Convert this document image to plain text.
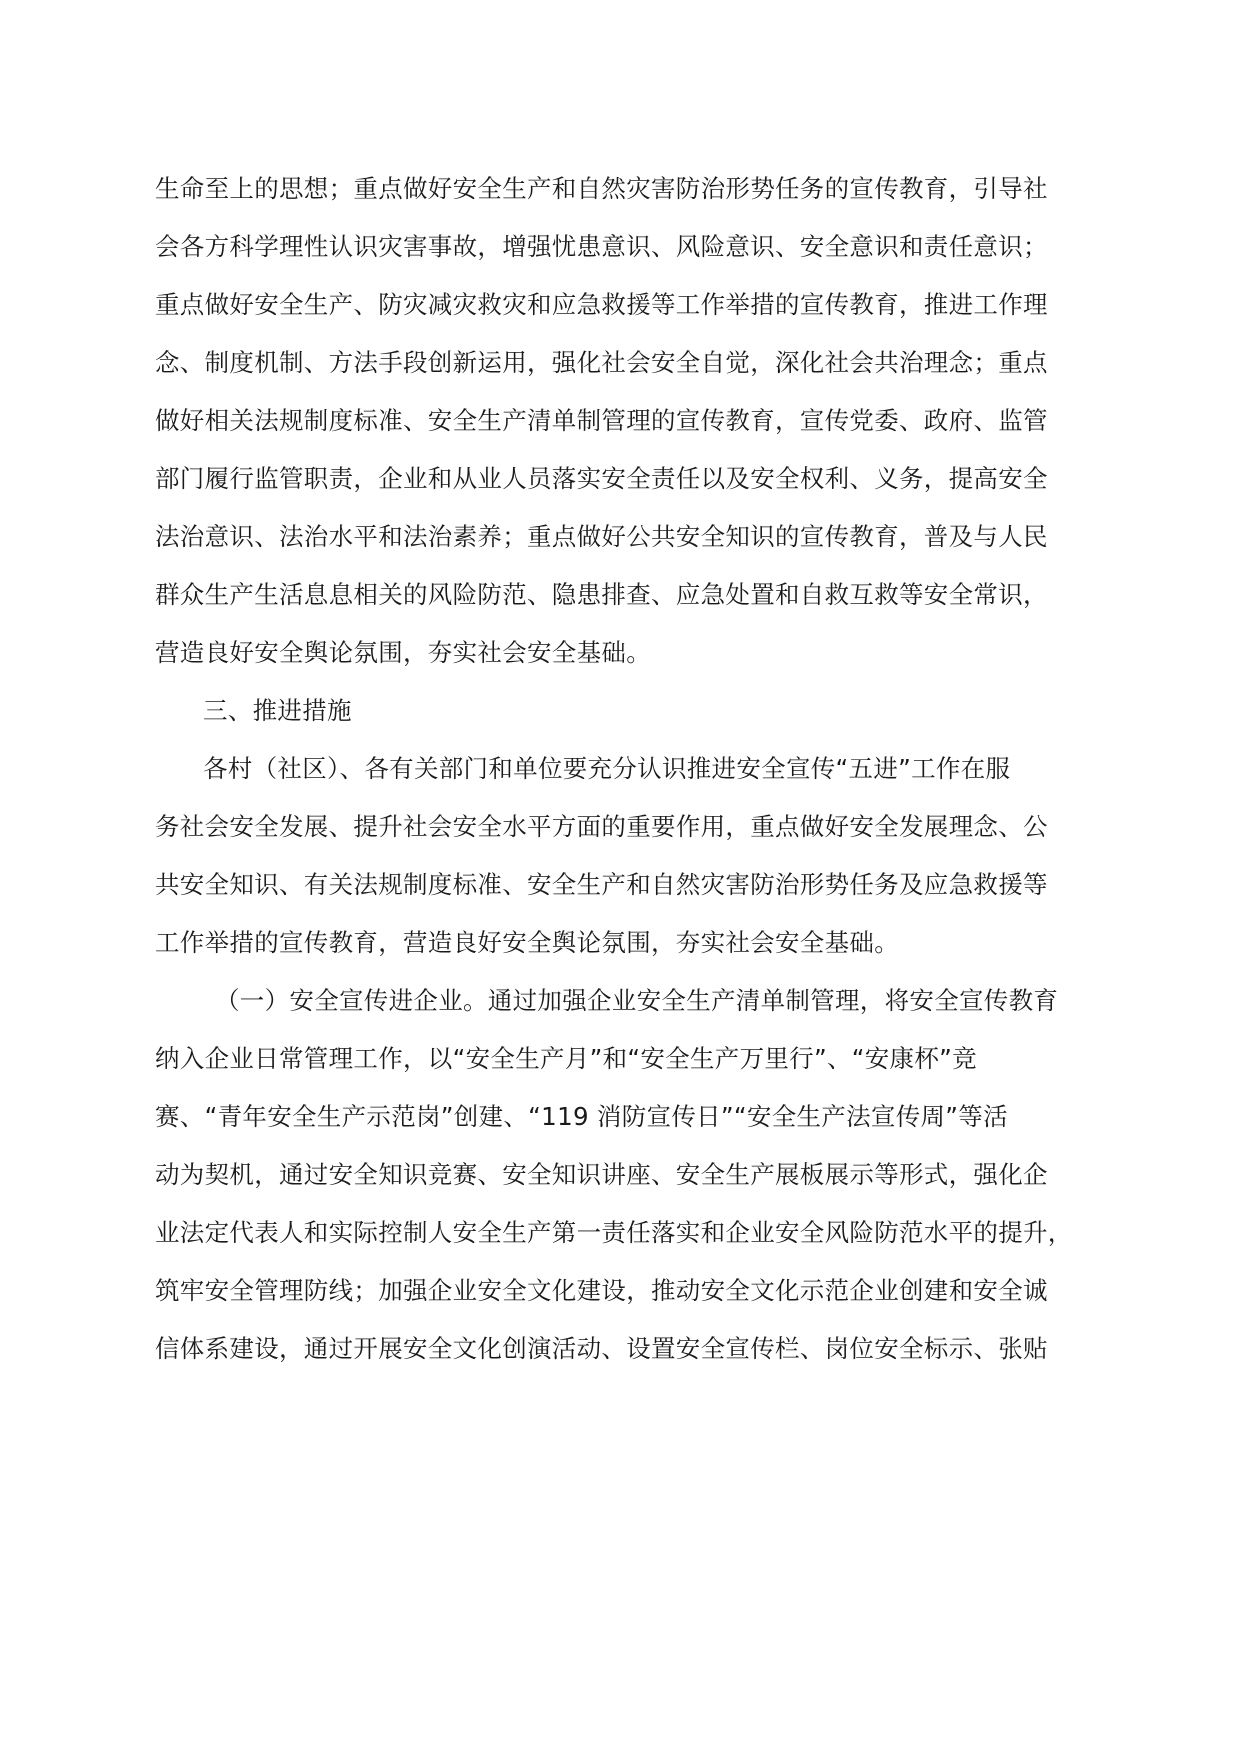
生命至上的思想；重点做好安全生产和自然灾害防治形势任务的宣传教育，引导社
会各方科学理性认识灾害事故，增强忧患意识、风险意识、安全意识和责任意识；
重点做好安全生产、防灾减灾救灾和应急救援等工作举措的宣传教育，推进工作理
念、制度机制、方法手段创新运用，强化社会安全自觉，深化社会共治理念；重点
做好相关法规制度标准、安全生产清单制管理的宣传教育，宣传党委、政府、监管
部门履行监管职责，企业和从业人员落实安全责任以及安全权利、义务，提高安全
法治意识、法治水平和法治素养；重点做好公共安全知识的宣传教育，普及与人民
群众生产生活息息相关的风险防范、隐患排查、应急处置和自救互救等安全常识，
营造良好安全舆论氛围，夯实社会安全基础。
三、推进措施
各村（社区）、各有关部门和单位要充分认识推进安全宣传“五进”工作在服
务社会安全发展、提升社会安全水平方面的重要作用，重点做好安全发展理念、公
共安全知识、有关法规制度标准、安全生产和自然灾害防治形势任务及应急救援等
工作举措的宣传教育，营造良好安全舆论氛围，夯实社会安全基础。
（一）安全宣传进企业。通过加强企业安全生产清单制管理，将安全宣传教育
纳入企业日常管理工作，以“安全生产月”和“安全生产万里行”、“安康杯”竞
赛、“青年安全生产示范岗”创建、“119 消防宣传日”“安全生产法宣传周”等活
动为契机，通过安全知识竞赛、安全知识讲座、安全生产展板展示等形式，强化企
业法定代表人和实际控制人安全生产第一责任落实和企业安全风险防范水平的提升，
筑牢安全管理防线；加强企业安全文化建设，推动安全文化示范企业创建和安全诚
信体系建设，通过开展安全文化创演活动、设置安全宣传栏、岗位安全标示、张贴
